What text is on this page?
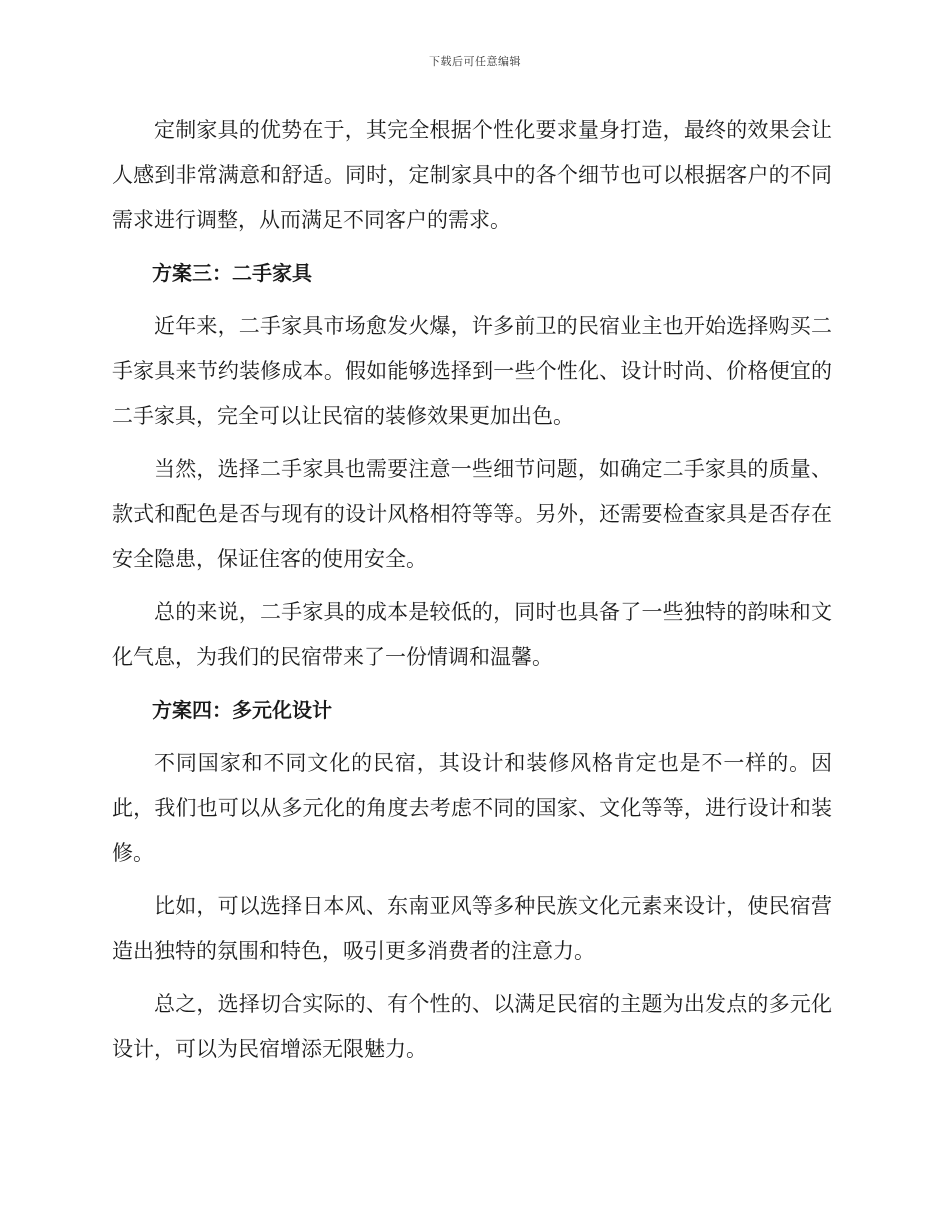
下载后可任意编辑

定制家具的优势在于，其完全根据个性化要求量身打造，最终的效果会让人感到非常满意和舒适。同时，定制家具中的各个细节也可以根据客户的不同需求进行调整，从而满足不同客户的需求。

方案三：二手家具

近年来，二手家具市场愈发火爆，许多前卫的民宿业主也开始选择购买二手家具来节约装修成本。假如能够选择到一些个性化、设计时尚、价格便宜的二手家具，完全可以让民宿的装修效果更加出色。

当然，选择二手家具也需要注意一些细节问题，如确定二手家具的质量、款式和配色是否与现有的设计风格相符等等。另外，还需要检查家具是否存在安全隐患，保证住客的使用安全。

总的来说，二手家具的成本是较低的，同时也具备了一些独特的韵味和文化气息，为我们的民宿带来了一份情调和温馨。

方案四：多元化设计

不同国家和不同文化的民宿，其设计和装修风格肯定也是不一样的。因此，我们也可以从多元化的角度去考虑不同的国家、文化等等，进行设计和装修。

比如，可以选择日本风、东南亚风等多种民族文化元素来设计，使民宿营造出独特的氛围和特色，吸引更多消费者的注意力。

总之，选择切合实际的、有个性的、以满足民宿的主题为出发点的多元化设计，可以为民宿增添无限魅力。
